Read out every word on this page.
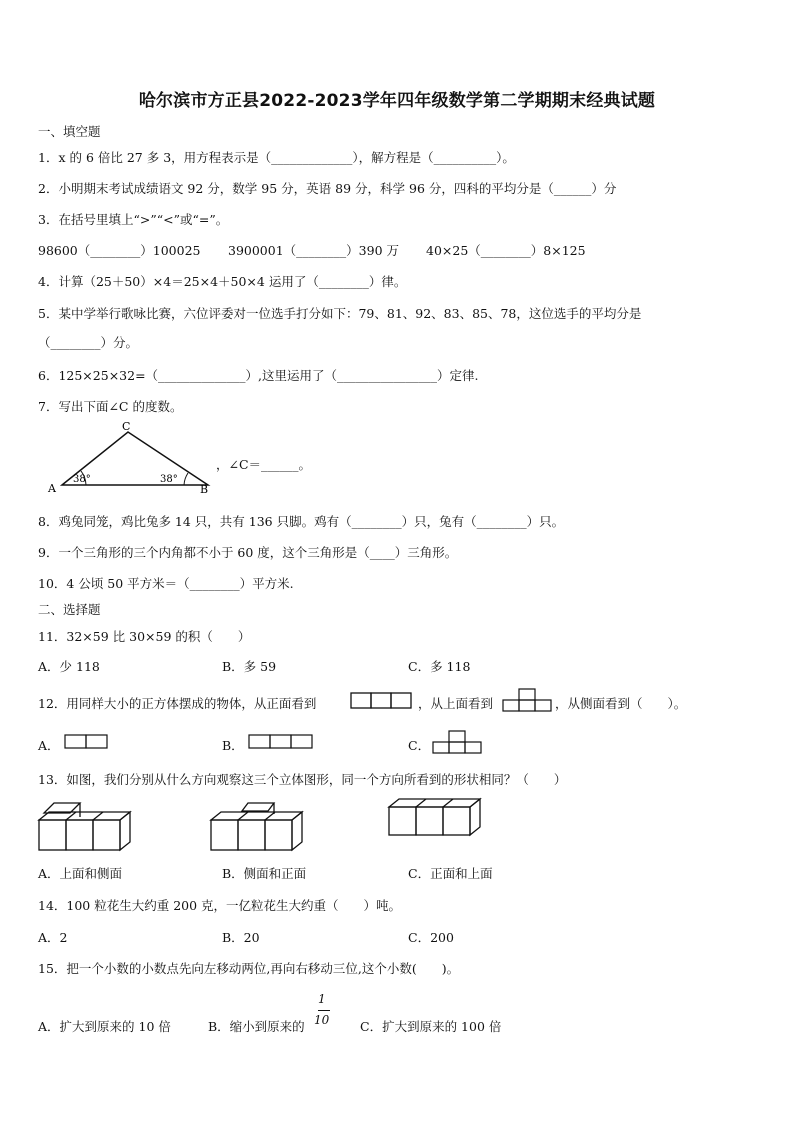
哈尔滨市方正县2022-2023学年四年级数学第二学期期末经典试题
一、填空题
1．x 的 6 倍比 27 多 3，用方程表示是（_____________），解方程是（__________）。
2．小明期末考试成绩语文 92 分，数学 95 分，英语 89 分，科学 96 分，四科的平均分是（______）分
3．在括号里填上“>”“<”或“=”。
98600（________）100025 3900001（________）390 万 40×25（________）8×125
4．计算（25＋50）×4＝25×4＋50×4 运用了（________）律。
5．某中学举行歌咏比赛，六位评委对一位选手打分如下：79、81、92、83、85、78，这位选手的平均分是
（________）分。
6．125×25×32=（______________）,这里运用了（________________）定律.
7．写出下面∠C 的度数。
A	B
C
38°	38°
，∠C＝______。
8．鸡兔同笼，鸡比兔多 14 只，共有 136 只脚。鸡有（________）只，兔有（________）只。
9．一个三角形的三个内角都不小于 60 度，这个三角形是（____）三角形。
10．4 公顷 50 平方米＝（________）平方米.
二、选择题
11．32×59 比 30×59 的积（　　）
A．少 118	B．多 59	C．多 118
12．用同样大小的正方体摆成的物体，从正面看到	，从上面看到	，从侧面看到（　　）。
A．	B．	C．
13．如图，我们分别从什么方向观察这三个立体图形，同一个方向所看到的形状相同？（　　）
A．上面和侧面	B．侧面和正面	C．正面和上面
14．100 粒花生大约重 200 克，一亿粒花生大约重（　　）吨。
A．2	B．20	C．200
15．把一个小数的小数点先向左移动两位,再向右移动三位,这个小数(　　)。
A．扩大到原来的 10 倍	B．缩小到原来的
1
10 C．扩大到原来的 100 倍
